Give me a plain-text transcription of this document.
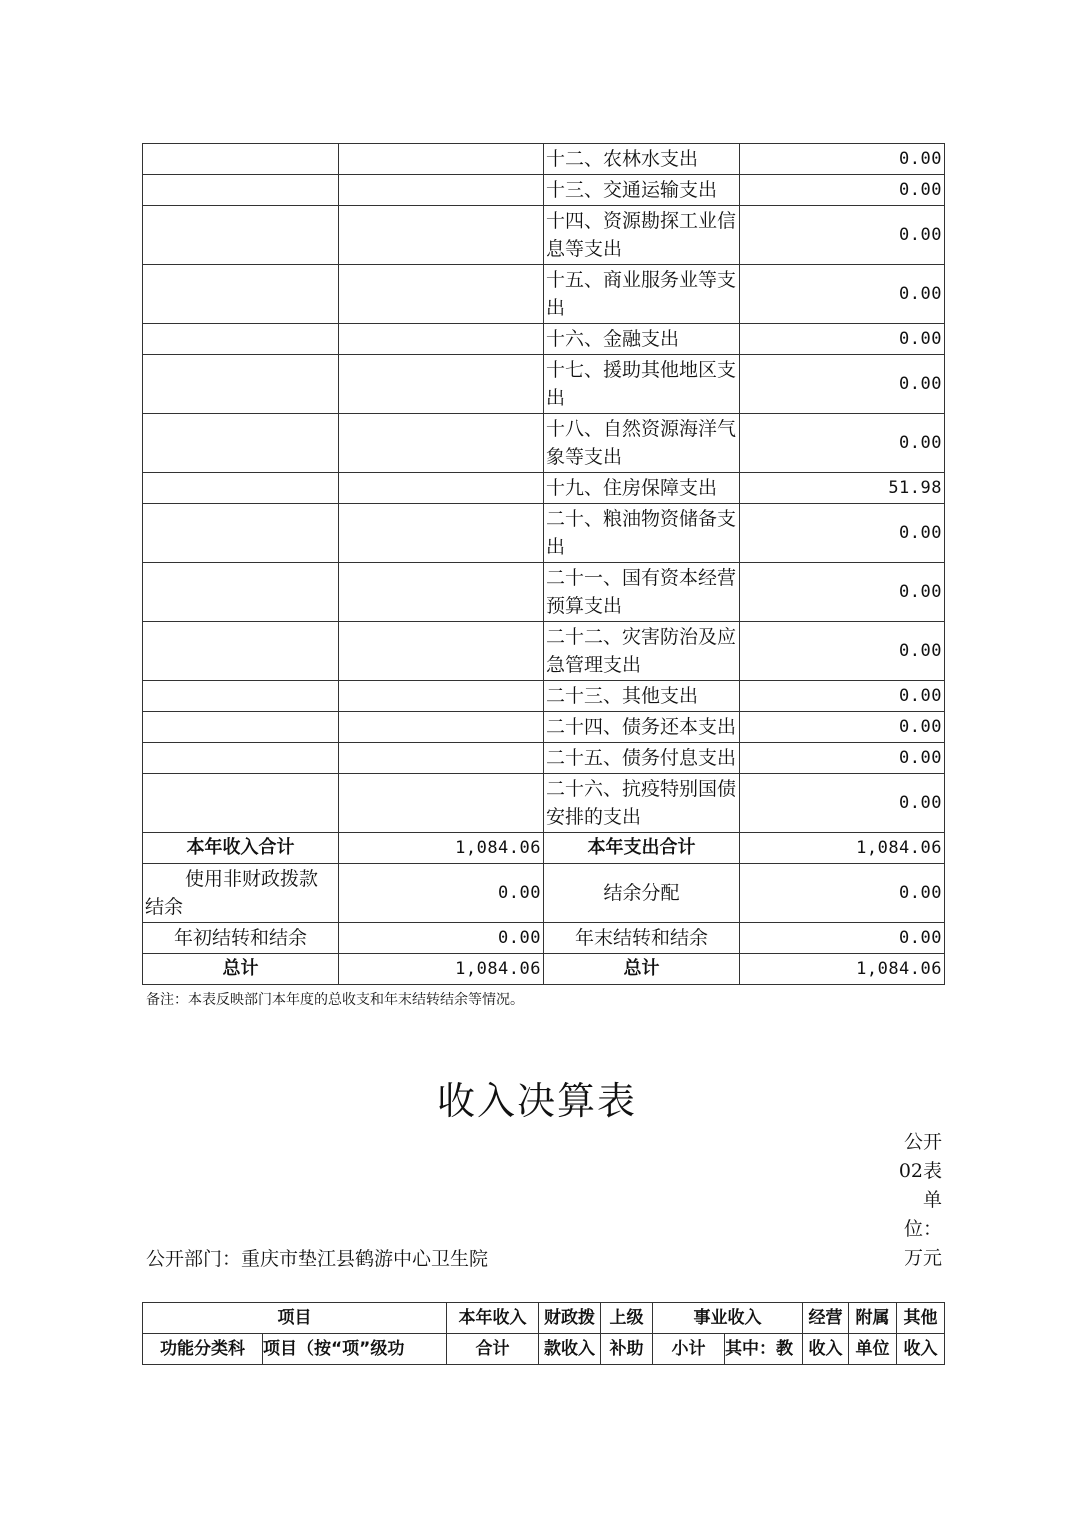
		十二、农林水支出	0.00
		十三、交通运输支出	0.00
		十四、资源勘探工业信息等支出	0.00
		十五、商业服务业等支出	0.00
		十六、金融支出	0.00
		十七、援助其他地区支出	0.00
		十八、自然资源海洋气象等支出	0.00
		十九、住房保障支出	51.98
		二十、粮油物资储备支出	0.00
		二十一、国有资本经营预算支出	0.00
		二十二、灾害防治及应急管理支出	0.00
		二十三、其他支出	0.00
		二十四、债务还本支出	0.00
		二十五、债务付息支出	0.00
		二十六、抗疫特别国债安排的支出	0.00
本年收入合计	1,084.06	本年支出合计	1,084.06
使用非财政拨款结余	0.00	结余分配	0.00
年初结转和结余	0.00	年末结转和结余	0.00
总计	1,084.06	总计	1,084.06
备注：本表反映部门本年度的总收支和年末结转结余等情况。
收入决算表
公开02表单位：万元
公开部门：重庆市垫江县鹤游中心卫生院
项目		本年收入	财政拨	上级	事业收入		经营	附属	其他
功能分类科	项目（按“项”级功	合计	款收入	补助	小计	其中：教	收入	单位	收入
